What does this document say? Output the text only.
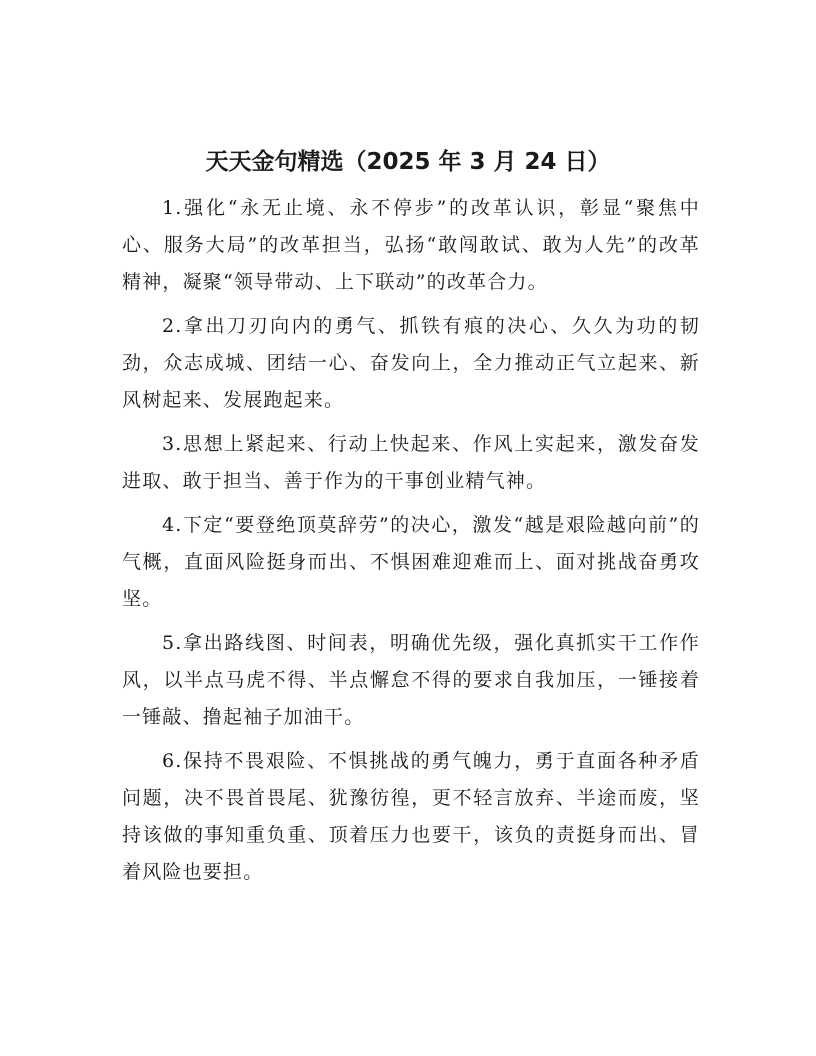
天天金句精选（2025 年 3 月 24 日）

1.强化“永无止境、永不停步”的改革认识，彰显“聚焦中心、服务大局”的改革担当，弘扬“敢闯敢试、敢为人先”的改革精神，凝聚“领导带动、上下联动”的改革合力。

2.拿出刀刃向内的勇气、抓铁有痕的决心、久久为功的韧劲，众志成城、团结一心、奋发向上，全力推动正气立起来、新风树起来、发展跑起来。

3.思想上紧起来、行动上快起来、作风上实起来，激发奋发进取、敢于担当、善于作为的干事创业精气神。

4.下定“要登绝顶莫辞劳”的决心，激发“越是艰险越向前”的气概，直面风险挺身而出、不惧困难迎难而上、面对挑战奋勇攻坚。

5.拿出路线图、时间表，明确优先级，强化真抓实干工作作风，以半点马虎不得、半点懈怠不得的要求自我加压，一锤接着一锤敲、撸起袖子加油干。

6.保持不畏艰险、不惧挑战的勇气魄力，勇于直面各种矛盾问题，决不畏首畏尾、犹豫彷徨，更不轻言放弃、半途而废，坚持该做的事知重负重、顶着压力也要干，该负的责挺身而出、冒着风险也要担。
